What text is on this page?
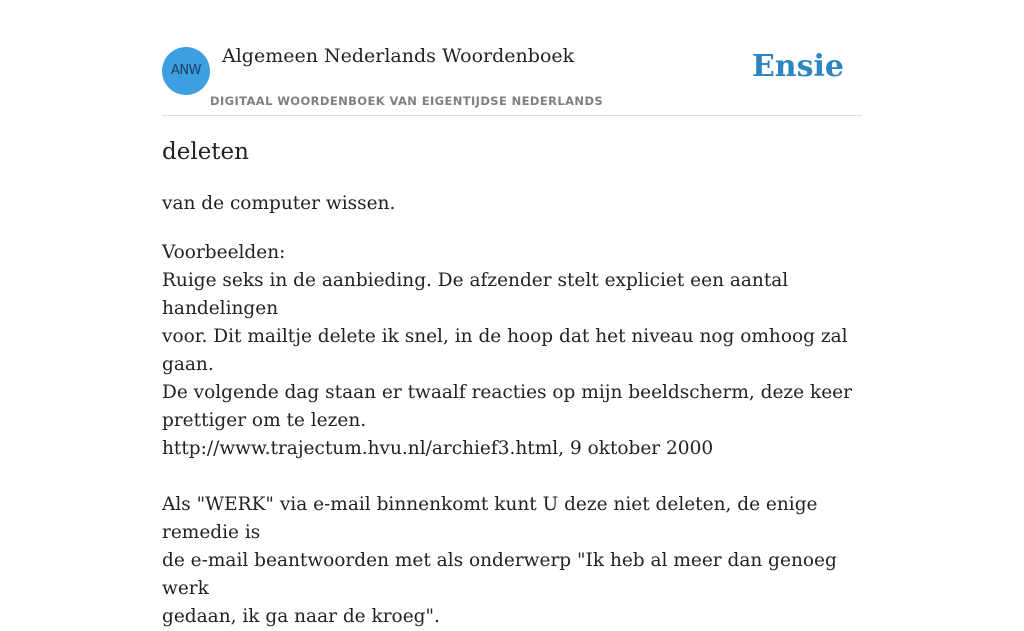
ANW
Algemeen Nederlands Woordenboek
DIGITAAL WOORDENBOEK VAN EIGENTIJDSE NEDERLANDS
Ensie
deleten
van de computer wissen.

Voorbeelden:

Ruige seks in de aanbieding. De afzender stelt expliciet een aantal handelingen

voor. Dit mailtje delete ik snel, in de hoop dat het niveau nog omhoog zal gaan.

De volgende dag staan er twaalf reacties op mijn beeldscherm, deze keer

prettiger om te lezen.

http://www.trajectum.hvu.nl/archief3.html, 9 oktober 2000

Als "WERK" via e-mail binnenkomt kunt U deze niet deleten, de enige remedie is

de e-mail beantwoorden met als onderwerp "Ik heb al meer dan genoeg werk

gedaan, ik ga naar de kroeg".
